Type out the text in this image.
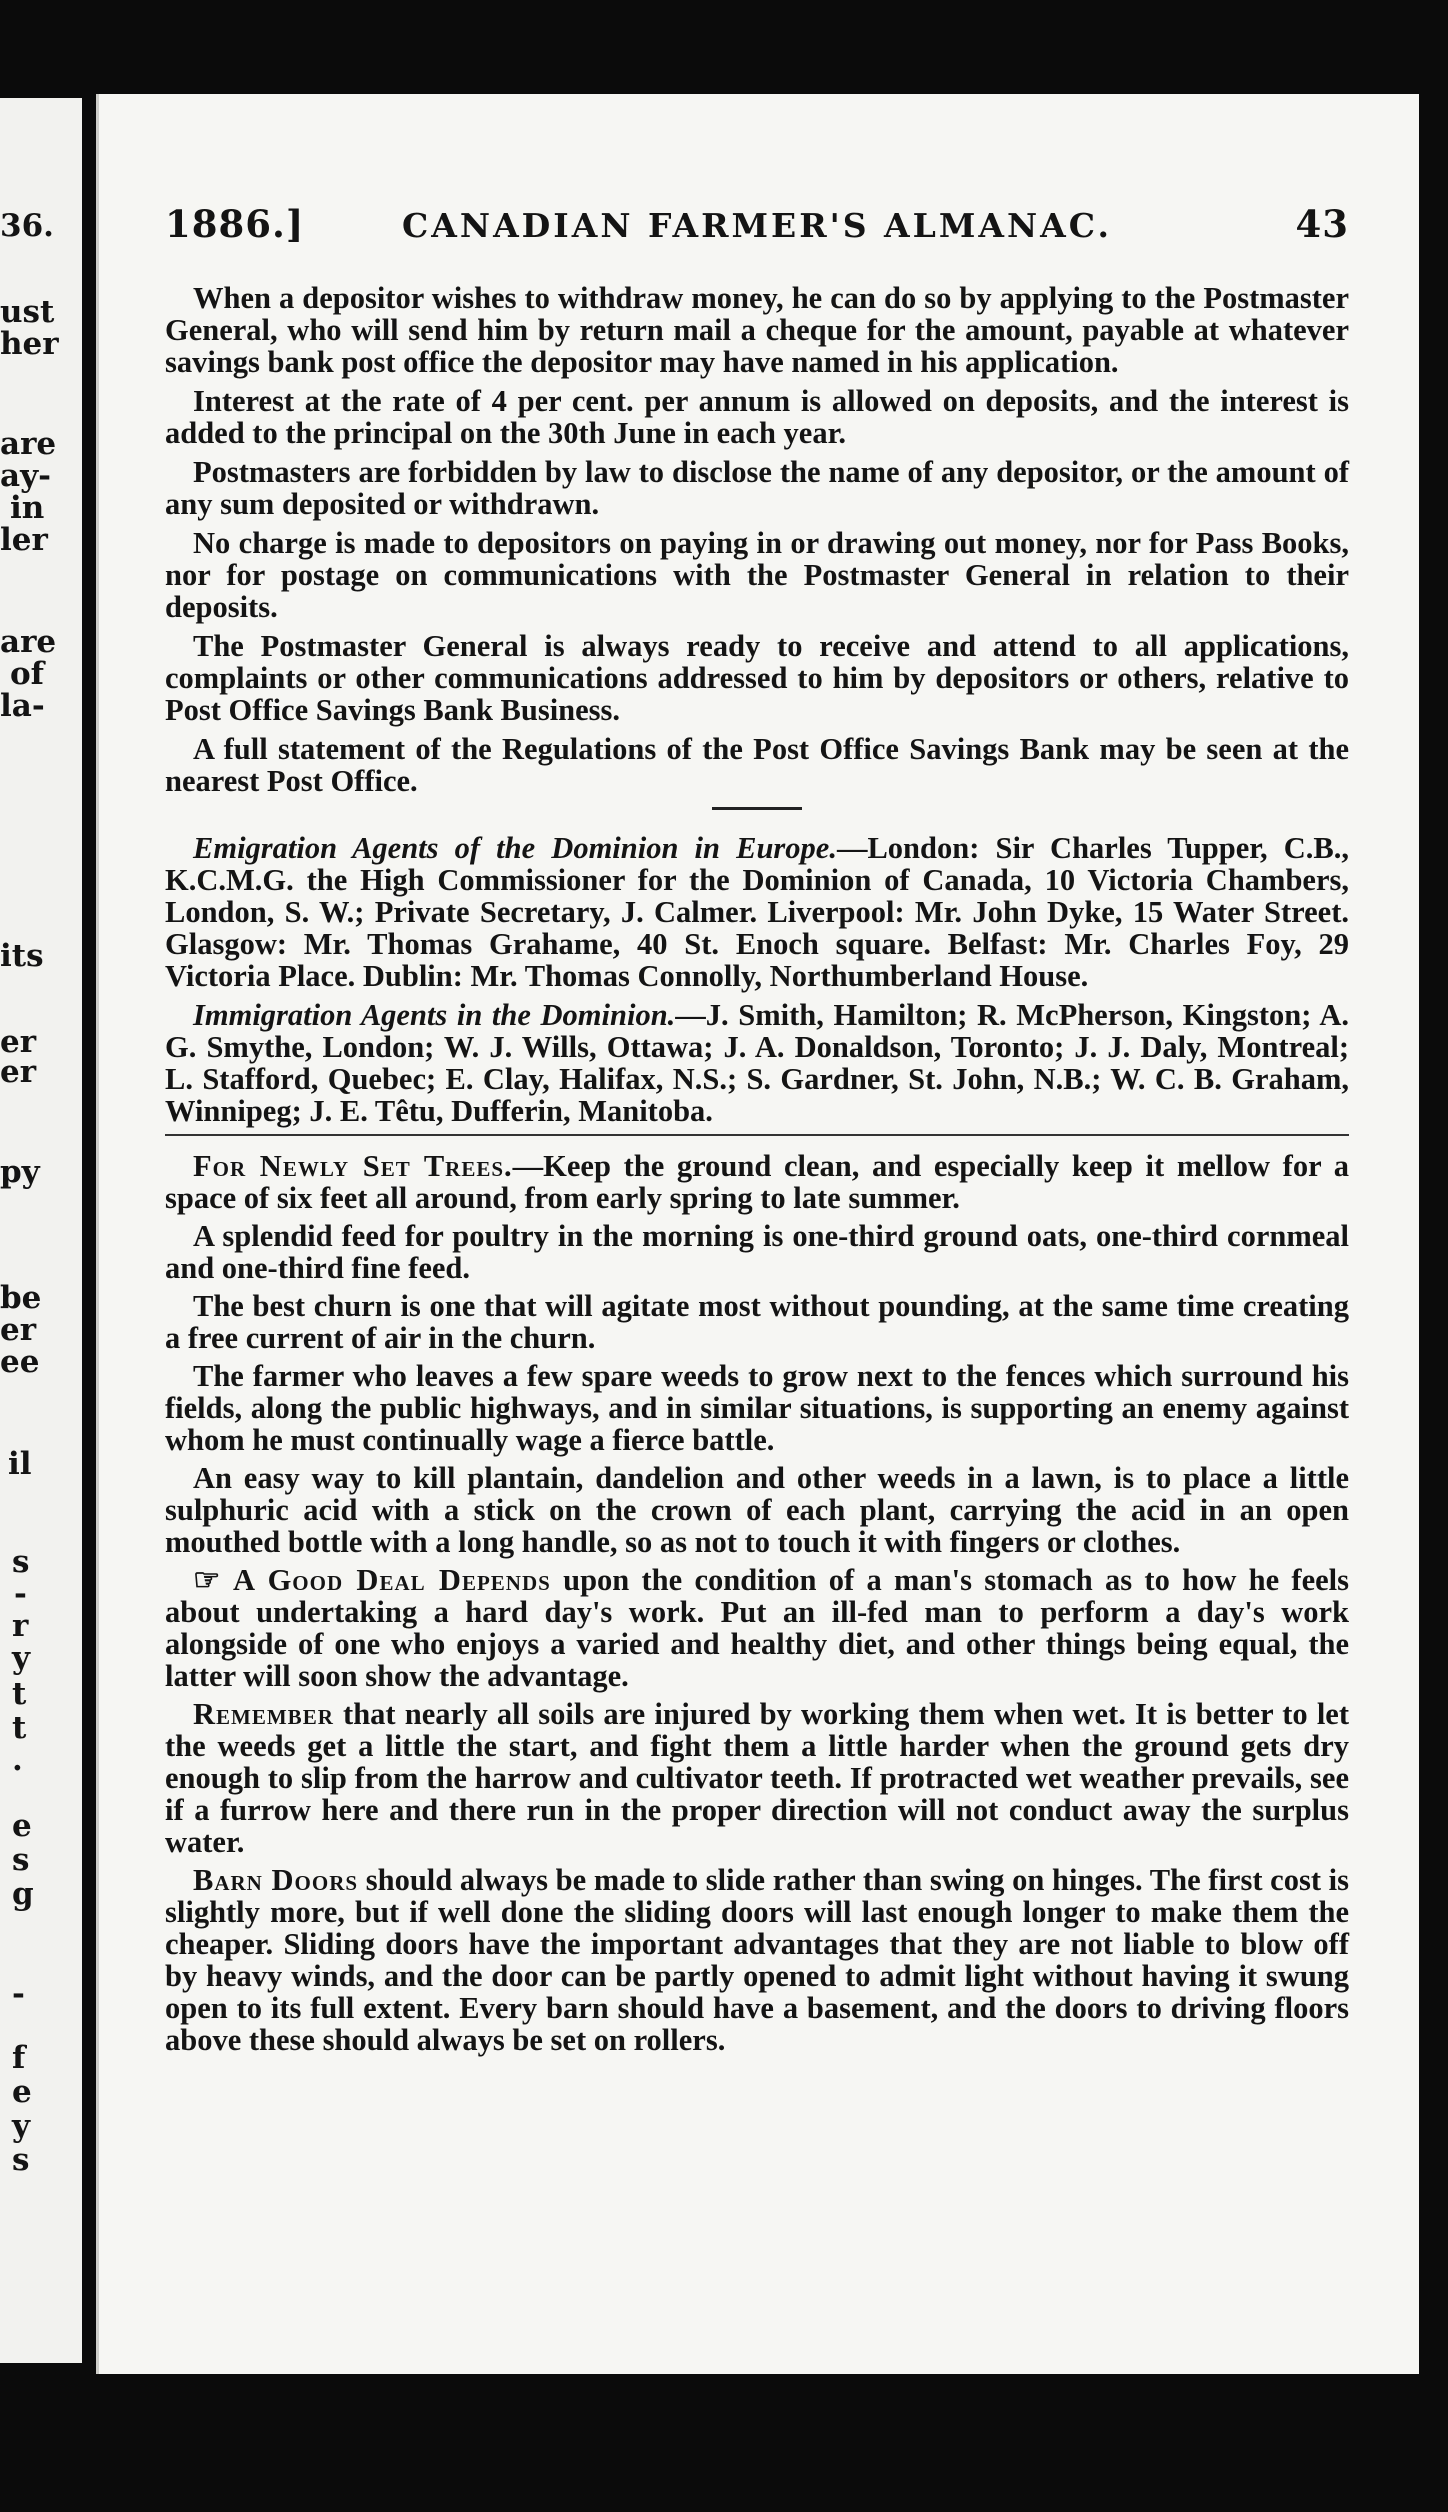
36.
ust
her
are
ay-
in
ler
are
of
la-
its
er
er
py
be
er
ee
il
s
-
r
y
t
t
.
e
s
g
-
f
e
y
s
1886.]	CANADIAN FARMER'S ALMANAC.	43

When a depositor wishes to withdraw money, he can do so by applying to the Postmaster General, who will send him by return mail a cheque for the amount, payable at whatever savings bank post office the depositor may have named in his application.

Interest at the rate of 4 per cent. per annum is allowed on deposits, and the interest is added to the principal on the 30th June in each year.

Postmasters are forbidden by law to disclose the name of any depositor, or the amount of any sum deposited or withdrawn.

No charge is made to depositors on paying in or drawing out money, nor for Pass Books, nor for postage on communications with the Postmaster General in relation to their deposits.

The Postmaster General is always ready to receive and attend to all applications, complaints or other communications addressed to him by depositors or others, relative to Post Office Savings Bank Business.

A full statement of the Regulations of the Post Office Savings Bank may be seen at the nearest Post Office.

Emigration Agents of the Dominion in Europe.—London: Sir Charles Tupper, C.B., K.C.M.G. the High Commissioner for the Dominion of Canada, 10 Victoria Chambers, London, S. W.; Private Secretary, J. Calmer. Liverpool: Mr. John Dyke, 15 Water Street. Glasgow: Mr. Thomas Grahame, 40 St. Enoch square. Belfast: Mr. Charles Foy, 29 Victoria Place. Dublin: Mr. Thomas Connolly, Northumberland House.

Immigration Agents in the Dominion.—J. Smith, Hamilton; R. McPherson, Kingston; A. G. Smythe, London; W. J. Wills, Ottawa; J. A. Donaldson, Toronto; J. J. Daly, Montreal; L. Stafford, Quebec; E. Clay, Halifax, N.S.; S. Gardner, St. John, N.B.; W. C. B. Graham, Winnipeg; J. E. Têtu, Dufferin, Manitoba.

For Newly Set Trees.—Keep the ground clean, and especially keep it mellow for a space of six feet all around, from early spring to late summer.

A splendid feed for poultry in the morning is one-third ground oats, one-third cornmeal and one-third fine feed.

The best churn is one that will agitate most without pounding, at the same time creating a free current of air in the churn.

The farmer who leaves a few spare weeds to grow next to the fences which surround his fields, along the public highways, and in similar situations, is supporting an enemy against whom he must continually wage a fierce battle.

An easy way to kill plantain, dandelion and other weeds in a lawn, is to place a little sulphuric acid with a stick on the crown of each plant, carrying the acid in an open mouthed bottle with a long handle, so as not to touch it with fingers or clothes.

☞ A Good Deal Depends upon the condition of a man's stomach as to how he feels about undertaking a hard day's work. Put an ill-fed man to perform a day's work alongside of one who enjoys a varied and healthy diet, and other things being equal, the latter will soon show the advantage.

Remember that nearly all soils are injured by working them when wet. It is better to let the weeds get a little the start, and fight them a little harder when the ground gets dry enough to slip from the harrow and cultivator teeth. If protracted wet weather prevails, see if a furrow here and there run in the proper direction will not conduct away the surplus water.

Barn Doors should always be made to slide rather than swing on hinges. The first cost is slightly more, but if well done the sliding doors will last enough longer to make them the cheaper. Sliding doors have the important advantages that they are not liable to blow off by heavy winds, and the door can be partly opened to admit light without having it swung open to its full extent. Every barn should have a basement, and the doors to driving floors above these should always be set on rollers.
